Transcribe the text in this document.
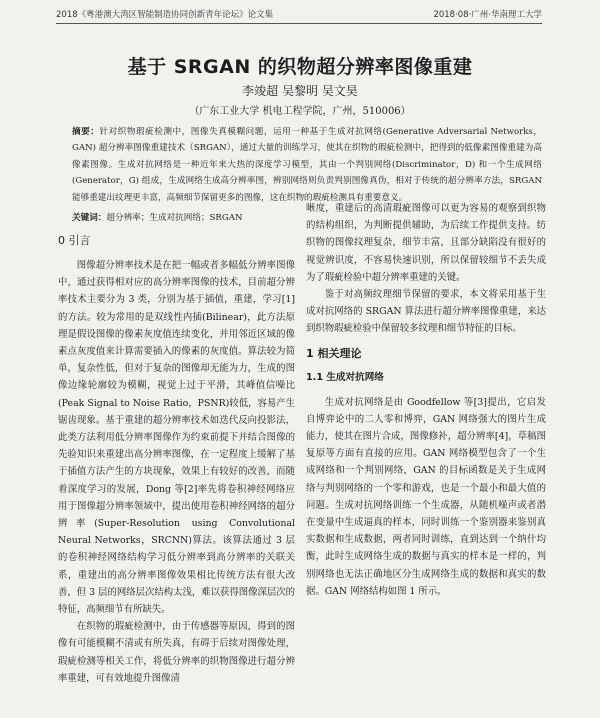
2018《粤港澳大湾区智能制造协同创新青年论坛》论文集	2018·08·广州·华南理工大学
基于 SRGAN 的织物超分辨率图像重建
李竣超 吴黎明 吴文昊
（广东工业大学 机电工程学院，广州，510006）
摘要：针对织物瑕疵检测中，图像失真模糊问题，运用一种基于生成对抗网络(Generative Adversarial Networks，GAN) 超分辨率图像重建技术（SRGAN），通过大量的训练学习，使其在织物的瑕疵检测中，把得到的低像素图像重建为高像素图像。生成对抗网络是一种近年来大热的深度学习模型，其由一个判别网络(Discriminator，D) 和一个生成网络(Generator，G) 组成，生成网络生成高分辨率图，辨别网络则负责判别图像真伪，相对于传统的超分辨率方法，SRGAN 能够重建出纹理更丰富，高频细节保留更多的图像，这在织物的瑕疵检测具有重要意义。
关键词：超分辨率；生成对抗网络；SRGAN
0 引言

图像超分辨率技术是在把一幅或者多幅低分辨率图像中，通过获得相对应的高分辨率图像的技术，目前超分辨率技术主要分为 3 类，分别为基于插值，重建，学习[1]的方法。较为常用的是双线性内插(Bilinear)，此方法原理是假设图像的像素灰度值连续变化，并用邻近区域的像素点灰度值来计算需要插入的像素的灰度值。算法较为简单，复杂性低，但对于复杂的图像却无能为力，生成的图像边缘轮廓较为模糊，视觉上过于平滑，其峰值信噪比(Peak Signal to Noise Ratio，PSNR)较低，容易产生锯齿现象。基于重建的超分辨率技术如迭代反向投影法，此类方法利用低分辨率图像作为约束前提下并结合图像的先验知识来重建出高分辨率图像，在一定程度上缓解了基于插值方法产生的方块现象，效果上有较好的改善，而随着深度学习的发展，Dong 等[2]率先将卷积神经网络应用于图像超分辨率领域中，提出使用卷积神经网络的超分辨率(Super-Resolution using Convolutional Neural Networks，SRCNN)算法。该算法通过 3 层的卷积神经网络结构学习低分辨率到高分辨率的关联关系，重建出的高分辨率图像效果相比传统方法有很大改善，但 3 层的网络层次结构太浅，难以获得图像深层次的特征，高频细节有所缺失。

在织物的瑕疵检测中，由于传感器等原因，得到的图像有可能模糊不清或有所失真，有碍于后续对图像处理，瑕疵检测等相关工作，将低分辨率的织物图像进行超分辨率重建，可有效地提升图像清

晰度，重建后的高清瑕疵图像可以更为容易的观察到织物的结构组织，为判断提供辅助，为后续工作提供支持。纺织物的图像纹理复杂，细节丰富，且部分缺陷没有很好的视觉辨识度，不容易快速识别，所以保留较细节不丢失成为了瑕疵检验中超分辨率重建的关键。

鉴于对高频纹理细节保留的要求，本文将采用基于生成对抗网络的 SRGAN 算法进行超分辨率图像重建，来达到织物瑕疵检验中保留较多纹理和细节特征的目标。

1 相关理论
1.1 生成对抗网络

生成对抗网络是由 Goodfellow 等[3]提出，它启发自博弈论中的二人零和博弈，GAN 网络强大的图片生成能力，使其在图片合成，图像修补，超分辨率[4]，草稿图复原等方面有直接的应用。GAN 网络模型包含了一个生成网络和一个判别网络，GAN 的目标函数是关于生成网络与判别网络的一个零和游戏，也是一个最小和最大值的问题。生成对抗网络训练一个生成器，从随机噪声或者潜在变量中生成逼真的样本，同时训练一个鉴别器来鉴别真实数据和生成数据，两者同时训练，直到达到一个纳什均衡，此时生成网络生成的数据与真实的样本是一样的，判别网络也无法正确地区分生成网络生成的数据和真实的数据。GAN 网络结构如图 1 所示。
